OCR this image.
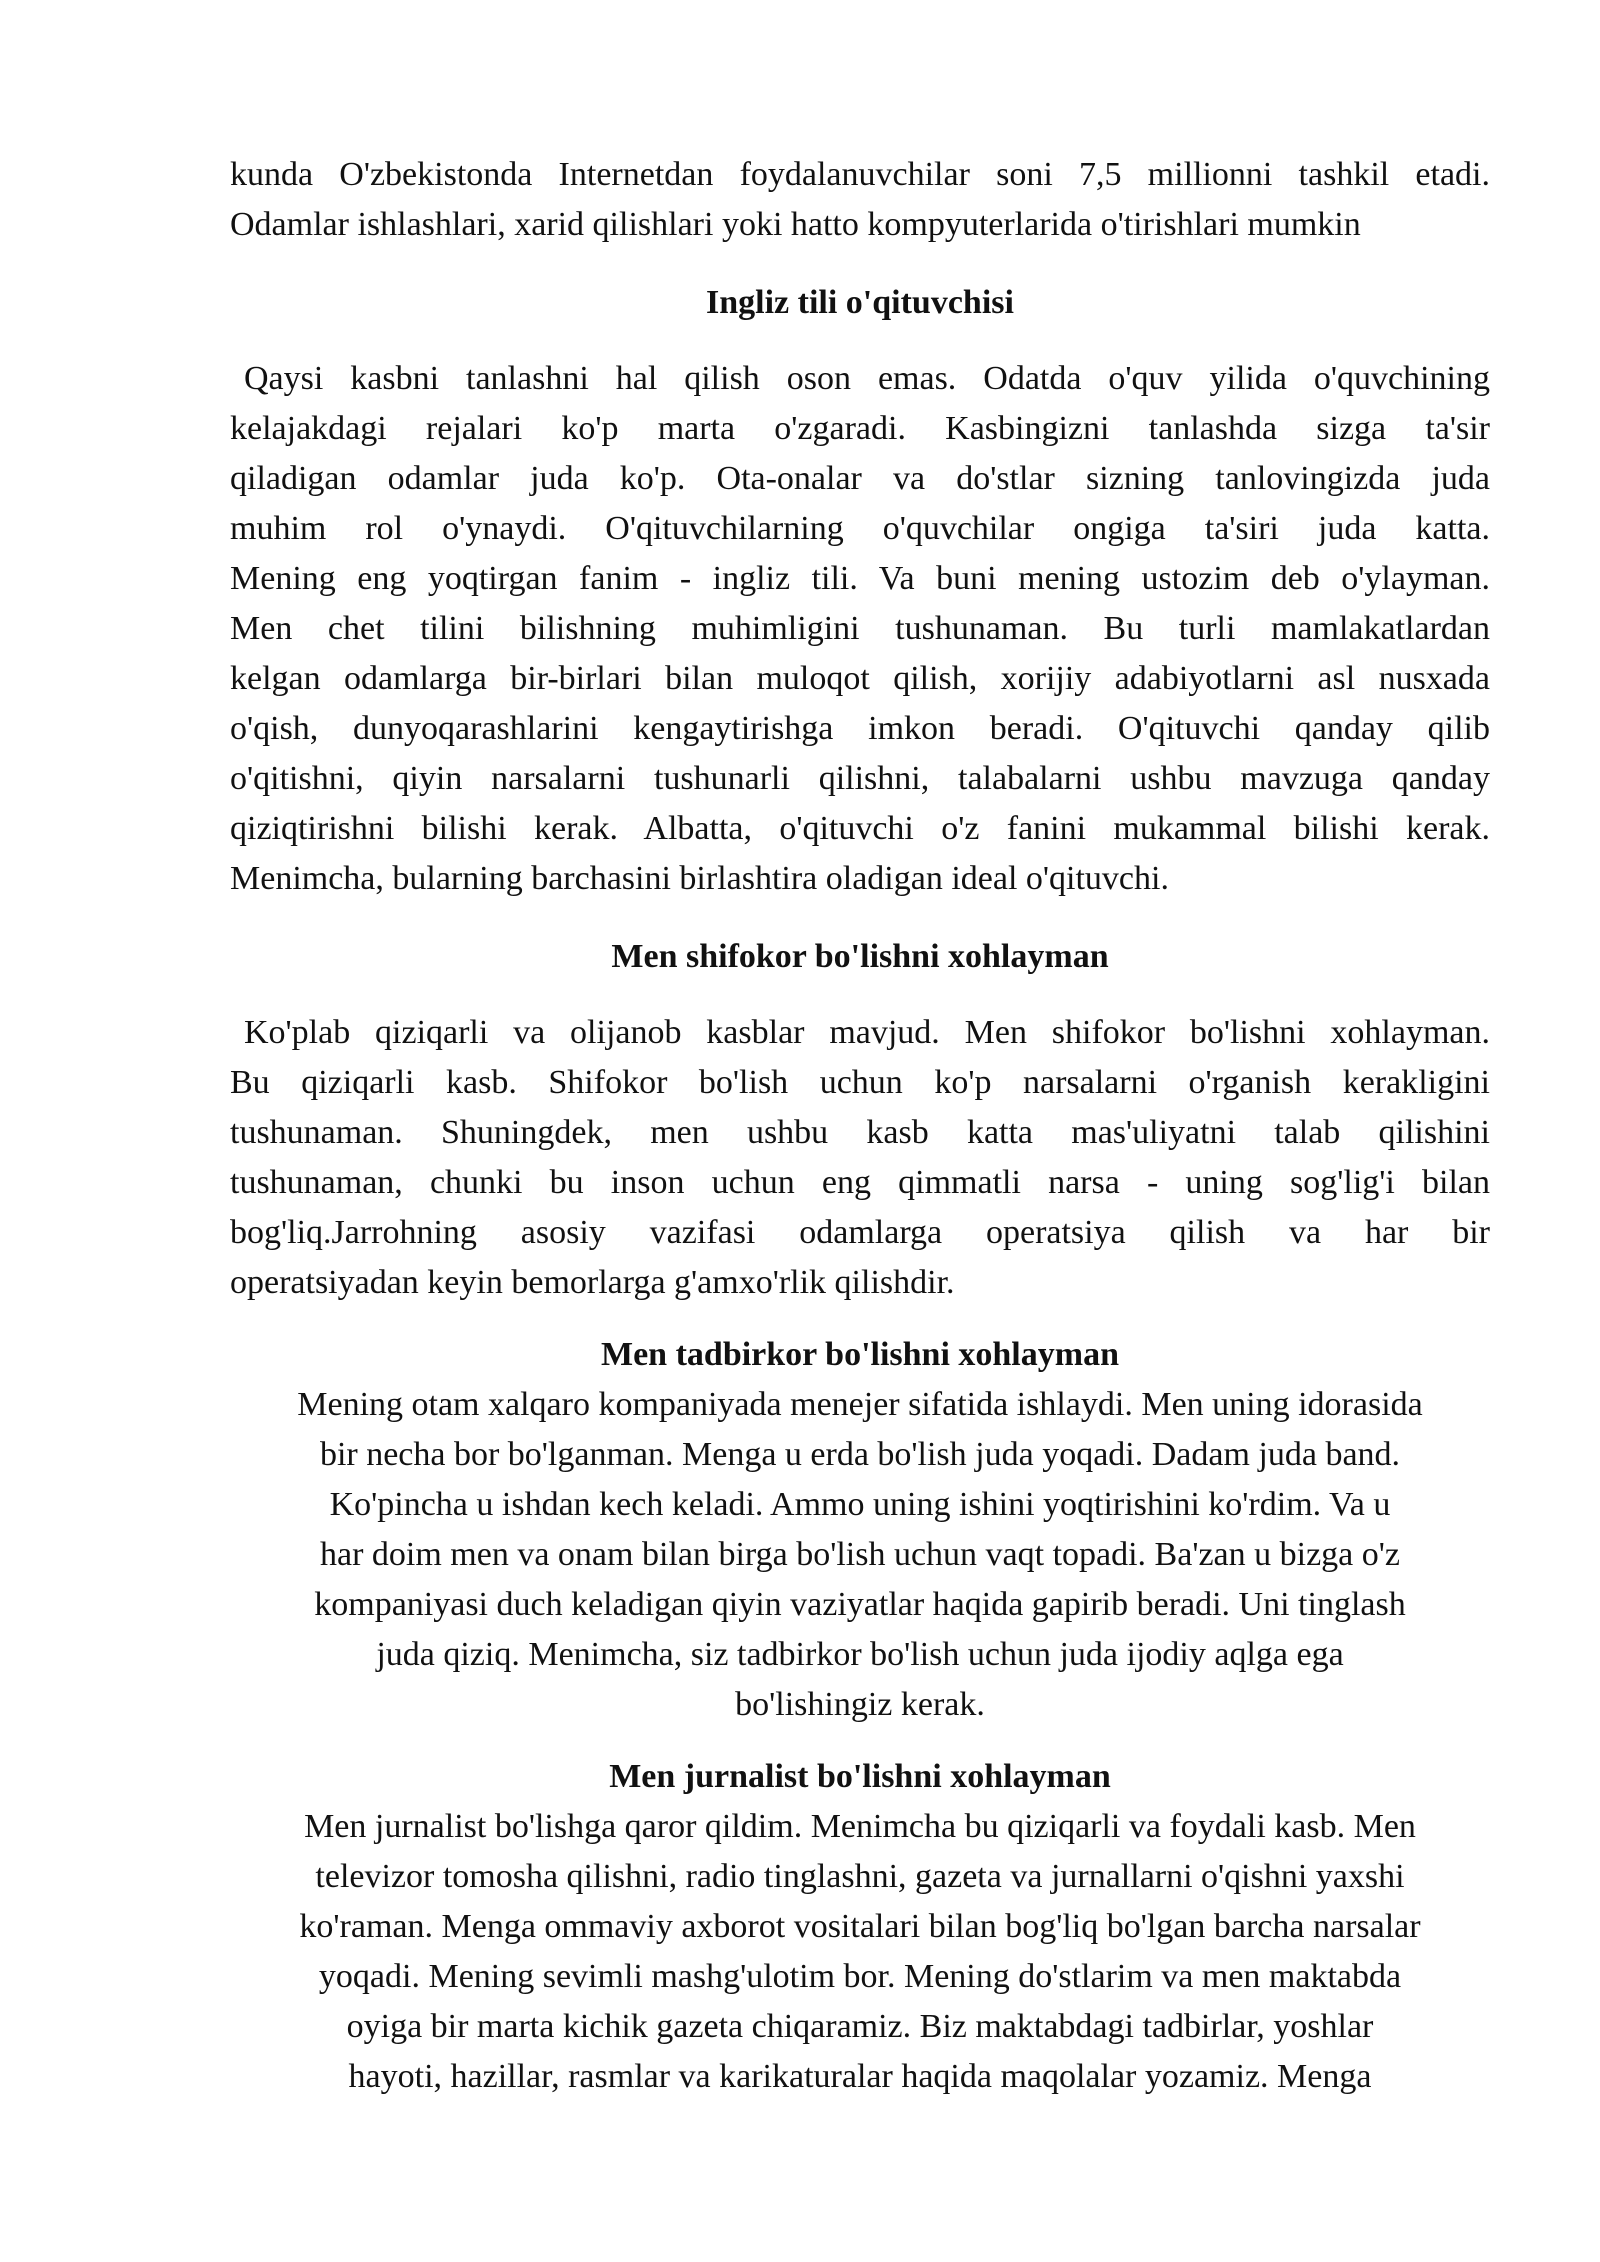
kunda O'zbekistonda Internetdan foydalanuvchilar soni 7,5 millionni tashkil etadi.
Odamlar ishlashlari, xarid qilishlari yoki hatto kompyuterlarida o'tirishlari mumkin
Ingliz tili o'qituvchisi
Qaysi kasbni tanlashni hal qilish oson emas. Odatda o'quv yilida o'quvchining
kelajakdagi rejalari ko'p marta o'zgaradi. Kasbingizni tanlashda sizga ta'sir
qiladigan odamlar juda ko'p. Ota-onalar va do'stlar sizning tanlovingizda juda
muhim rol o'ynaydi. O'qituvchilarning o'quvchilar ongiga ta'siri juda katta.
Mening eng yoqtirgan fanim - ingliz tili. Va buni mening ustozim deb o'ylayman.
Men chet tilini bilishning muhimligini tushunaman. Bu turli mamlakatlardan
kelgan odamlarga bir-birlari bilan muloqot qilish, xorijiy adabiyotlarni asl nusxada
o'qish, dunyoqarashlarini kengaytirishga imkon beradi. O'qituvchi qanday qilib
o'qitishni, qiyin narsalarni tushunarli qilishni, talabalarni ushbu mavzuga qanday
qiziqtirishni bilishi kerak. Albatta, o'qituvchi o'z fanini mukammal bilishi kerak.
Menimcha, bularning barchasini birlashtira oladigan ideal o'qituvchi.
Men shifokor bo'lishni xohlayman
Ko'plab qiziqarli va olijanob kasblar mavjud. Men shifokor bo'lishni xohlayman.
Bu qiziqarli kasb. Shifokor bo'lish uchun ko'p narsalarni o'rganish kerakligini
tushunaman. Shuningdek, men ushbu kasb katta mas'uliyatni talab qilishini
tushunaman, chunki bu inson uchun eng qimmatli narsa - uning sog'lig'i bilan
bog'liq.Jarrohning asosiy vazifasi odamlarga operatsiya qilish va har bir
operatsiyadan keyin bemorlarga g'amxo'rlik qilishdir.
Men tadbirkor bo'lishni xohlayman
Mening otam xalqaro kompaniyada menejer sifatida ishlaydi. Men uning idorasida
bir necha bor bo'lganman. Menga u erda bo'lish juda yoqadi. Dadam juda band.
Ko'pincha u ishdan kech keladi. Ammo uning ishini yoqtirishini ko'rdim. Va u
har doim men va onam bilan birga bo'lish uchun vaqt topadi. Ba'zan u bizga o'z
kompaniyasi duch keladigan qiyin vaziyatlar haqida gapirib beradi. Uni tinglash
juda qiziq. Menimcha, siz tadbirkor bo'lish uchun juda ijodiy aqlga ega
bo'lishingiz kerak.
Men jurnalist bo'lishni xohlayman
Men jurnalist bo'lishga qaror qildim. Menimcha bu qiziqarli va foydali kasb. Men
televizor tomosha qilishni, radio tinglashni, gazeta va jurnallarni o'qishni yaxshi
ko'raman. Menga ommaviy axborot vositalari bilan bog'liq bo'lgan barcha narsalar
yoqadi. Mening sevimli mashg'ulotim bor. Mening do'stlarim va men maktabda
oyiga bir marta kichik gazeta chiqaramiz. Biz maktabdagi tadbirlar, yoshlar
hayoti, hazillar, rasmlar va karikaturalar haqida maqolalar yozamiz. Menga
